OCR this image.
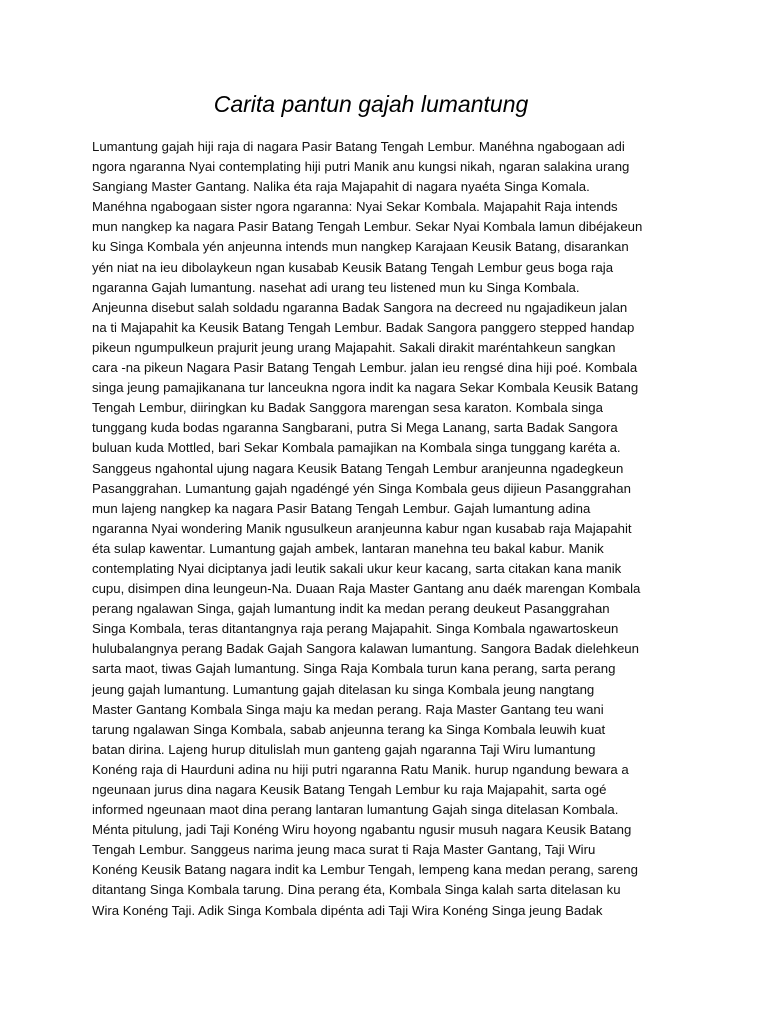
Carita pantun gajah lumantung
Lumantung gajah hiji raja di nagara Pasir Batang Tengah Lembur. Manéhna ngabogaan adi
ngora ngaranna Nyai contemplating hiji putri Manik anu kungsi nikah, ngaran salakina urang
Sangiang Master Gantang. Nalika éta raja Majapahit di nagara nyaéta Singa Komala.
Manéhna ngabogaan sister ngora ngaranna: Nyai Sekar Kombala. Majapahit Raja intends
mun nangkep ka nagara Pasir Batang Tengah Lembur. Sekar Nyai Kombala lamun dibéjakeun
ku Singa Kombala yén anjeunna intends mun nangkep Karajaan Keusik Batang, disarankan
yén niat na ieu dibolaykeun ngan kusabab Keusik Batang Tengah Lembur geus boga raja
ngaranna Gajah lumantung. nasehat adi urang teu listened mun ku Singa Kombala.
Anjeunna disebut salah soldadu ngaranna Badak Sangora na decreed nu ngajadikeun jalan
na ti Majapahit ka Keusik Batang Tengah Lembur. Badak Sangora panggero stepped handap
pikeun ngumpulkeun prajurit jeung urang Majapahit. Sakali dirakit maréntahkeun sangkan
cara -na pikeun Nagara Pasir Batang Tengah Lembur. jalan ieu rengsé dina hiji poé. Kombala
singa jeung pamajikanana tur lanceukna ngora indit ka nagara Sekar Kombala Keusik Batang
Tengah Lembur, diiringkan ku Badak Sanggora marengan sesa karaton. Kombala singa
tunggang kuda bodas ngaranna Sangbarani, putra Si Mega Lanang, sarta Badak Sangora
buluan kuda Mottled, bari Sekar Kombala pamajikan na Kombala singa tunggang karéta a.
Sanggeus ngahontal ujung nagara Keusik Batang Tengah Lembur aranjeunna ngadegkeun
Pasanggrahan. Lumantung gajah ngadéngé yén Singa Kombala geus dijieun Pasanggrahan
mun lajeng nangkep ka nagara Pasir Batang Tengah Lembur. Gajah lumantung adina
ngaranna Nyai wondering Manik ngusulkeun aranjeunna kabur ngan kusabab raja Majapahit
éta sulap kawentar. Lumantung gajah ambek, lantaran manehna teu bakal kabur. Manik
contemplating Nyai diciptanya jadi leutik sakali ukur keur kacang, sarta citakan kana manik
cupu, disimpen dina leungeun-Na. Duaan Raja Master Gantang anu daék marengan Kombala
perang ngalawan Singa, gajah lumantung indit ka medan perang deukeut Pasanggrahan
Singa Kombala, teras ditantangnya raja perang Majapahit. Singa Kombala ngawartoskeun
hulubalangnya perang Badak Gajah Sangora kalawan lumantung. Sangora Badak dielehkeun
sarta maot, tiwas Gajah lumantung. Singa Raja Kombala turun kana perang, sarta perang
jeung gajah lumantung. Lumantung gajah ditelasan ku singa Kombala jeung nangtang
Master Gantang Kombala Singa maju ka medan perang. Raja Master Gantang teu wani
tarung ngalawan Singa Kombala, sabab anjeunna terang ka Singa Kombala leuwih kuat
batan dirina. Lajeng hurup ditulislah mun ganteng gajah ngaranna Taji Wiru lumantung
Konéng raja di Haurduni adina nu hiji putri ngaranna Ratu Manik. hurup ngandung bewara a
ngeunaan jurus dina nagara Keusik Batang Tengah Lembur ku raja Majapahit, sarta ogé
informed ngeunaan maot dina perang lantaran lumantung Gajah singa ditelasan Kombala.
Ménta pitulung, jadi Taji Konéng Wiru hoyong ngabantu ngusir musuh nagara Keusik Batang
Tengah Lembur. Sanggeus narima jeung maca surat ti Raja Master Gantang, Taji Wiru
Konéng Keusik Batang nagara indit ka Lembur Tengah, lempeng kana medan perang, sareng
ditantang Singa Kombala tarung. Dina perang éta, Kombala Singa kalah sarta ditelasan ku
Wira Konéng Taji. Adik Singa Kombala dipénta adi Taji Wira Konéng Singa jeung Badak
